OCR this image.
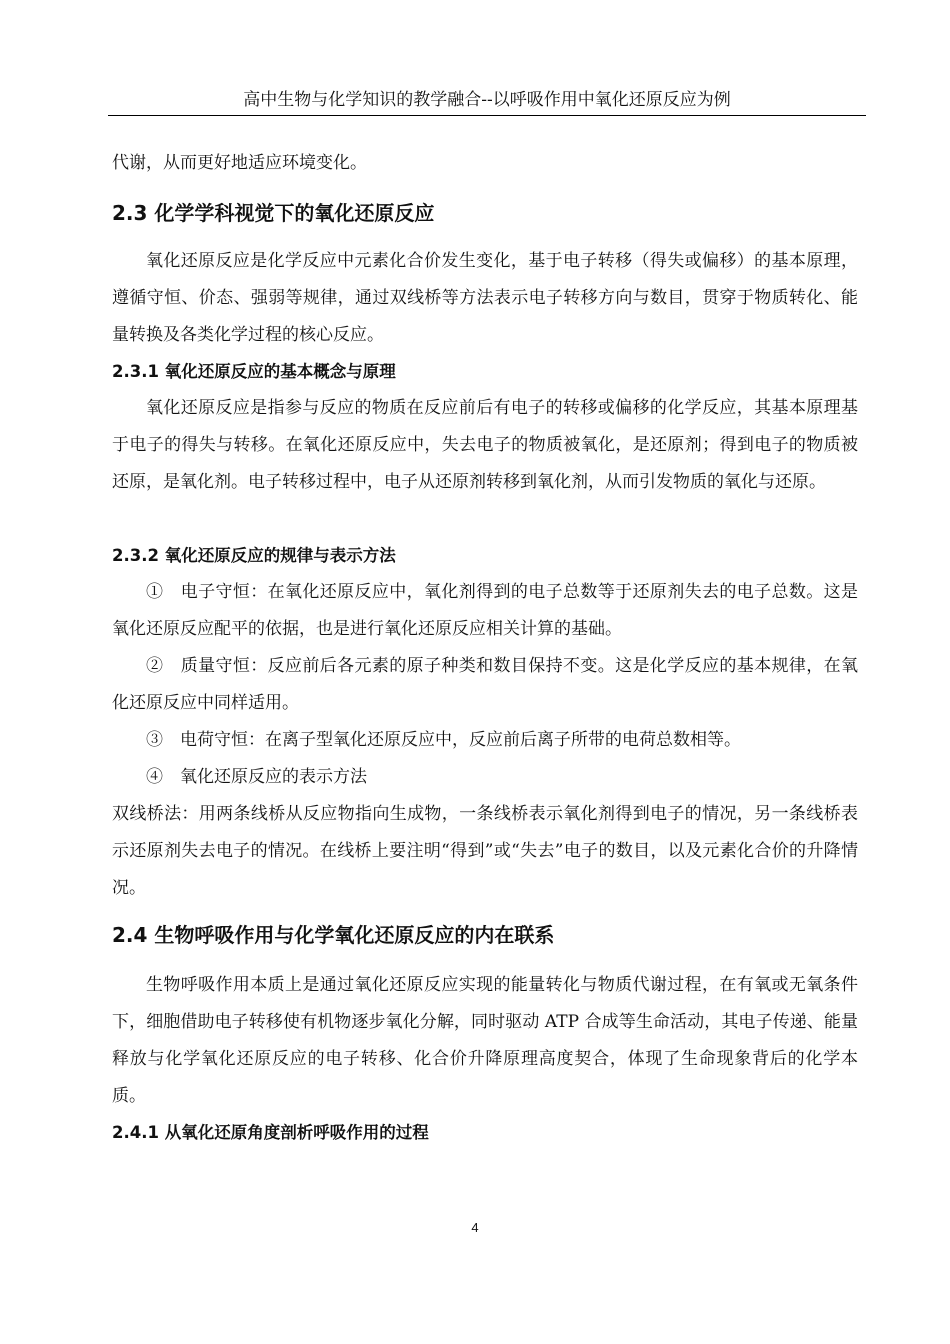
高中生物与化学知识的教学融合--以呼吸作用中氧化还原反应为例

代谢，从而更好地适应环境变化。

2.3 化学学科视觉下的氧化还原反应

氧化还原反应是化学反应中元素化合价发生变化，基于电子转移（得失或偏移）的基本原理，遵循守恒、价态、强弱等规律，通过双线桥等方法表示电子转移方向与数目，贯穿于物质转化、能量转换及各类化学过程的核心反应。

2.3.1 氧化还原反应的基本概念与原理

氧化还原反应是指参与反应的物质在反应前后有电子的转移或偏移的化学反应，其基本原理基于电子的得失与转移。在氧化还原反应中，失去电子的物质被氧化，是还原剂；得到电子的物质被还原，是氧化剂。电子转移过程中，电子从还原剂转移到氧化剂，从而引发物质的氧化与还原。

2.3.2 氧化还原反应的规律与表示方法

①　电子守恒：在氧化还原反应中，氧化剂得到的电子总数等于还原剂失去的电子总数。这是氧化还原反应配平的依据，也是进行氧化还原反应相关计算的基础。

②　质量守恒：反应前后各元素的原子种类和数目保持不变。这是化学反应的基本规律，在氧化还原反应中同样适用。

③　电荷守恒：在离子型氧化还原反应中，反应前后离子所带的电荷总数相等。

④　氧化还原反应的表示方法

双线桥法：用两条线桥从反应物指向生成物，一条线桥表示氧化剂得到电子的情况，另一条线桥表示还原剂失去电子的情况。在线桥上要注明“得到”或“失去”电子的数目，以及元素化合价的升降情况。

2.4 生物呼吸作用与化学氧化还原反应的内在联系

生物呼吸作用本质上是通过氧化还原反应实现的能量转化与物质代谢过程，在有氧或无氧条件下，细胞借助电子转移使有机物逐步氧化分解，同时驱动 ATP 合成等生命活动，其电子传递、能量释放与化学氧化还原反应的电子转移、化合价升降原理高度契合，体现了生命现象背后的化学本质。

2.4.1 从氧化还原角度剖析呼吸作用的过程
4
